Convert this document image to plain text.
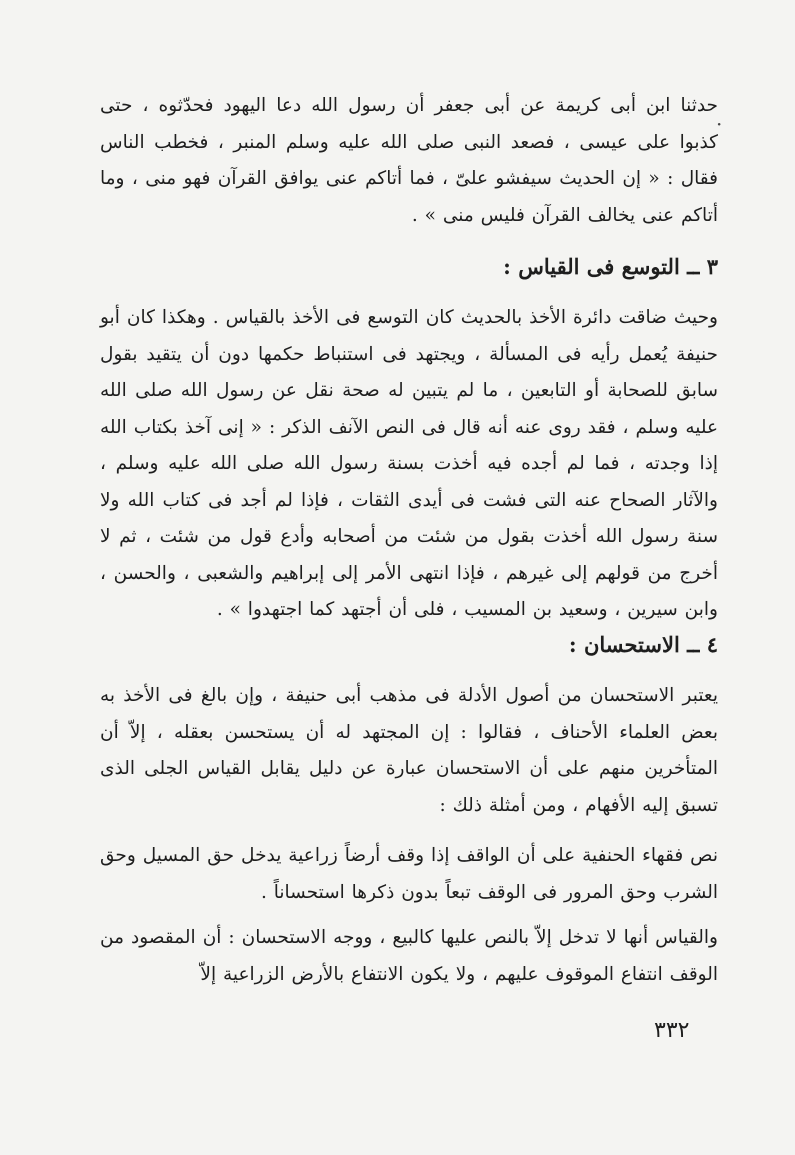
·

حدثنا ابن أبى كريمة عن أبى جعفر أن رسول الله دعا اليهود فحدّثوه ، حتى كذبوا على عيسى ، فصعد النبى صلى الله عليه وسلم المنبر ، فخطب الناس فقال : « إن الحديث سيفشو علىّ ، فما أتاكم عنى يوافق القرآن فهو منى ، وما أتاكم عنى يخالف القرآن فليس منى » .

٣ ــ التوسع فى القياس :

وحيث ضاقت دائرة الأخذ بالحديث كان التوسع فى الأخذ بالقياس . وهكذا كان أبو حنيفة يُعمل رأيه فى المسألة ، ويجتهد فى استنباط حكمها دون أن يتقيد بقول سابق للصحابة أو التابعين ، ما لم يتبين له صحة نقل عن رسول الله صلى الله عليه وسلم ، فقد روى عنه أنه قال فى النص الآنف الذكر : « إنى آخذ بكتاب الله إذا وجدته ، فما لم أجده فيه أخذت بسنة رسول الله صلى الله عليه وسلم ، والآثار الصحاح عنه التى فشت فى أيدى الثقات ، فإذا لم أجد فى كتاب الله ولا سنة رسول الله أخذت بقول من شئت من أصحابه وأدع قول من شئت ، ثم لا أخرج من قولهم إلى غيرهم ، فإذا انتهى الأمر إلى إبراهيم والشعبى ، والحسن ، وابن سيرين ، وسعيد بن المسيب ، فلى أن أجتهد كما اجتهدوا » .

٤ ــ الاستحسان :

يعتبر الاستحسان من أصول الأدلة فى مذهب أبى حنيفة ، وإن بالغ فى الأخذ به بعض العلماء الأحناف ، فقالوا : إن المجتهد له أن يستحسن بعقله ، إلاّ أن المتأخرين منهم على أن الاستحسان عبارة عن دليل يقابل القياس الجلى الذى تسبق إليه الأفهام ، ومن أمثلة ذلك :

نص فقهاء الحنفية على أن الواقف إذا وقف أرضاً زراعية يدخل حق المسيل وحق الشرب وحق المرور فى الوقف تبعاً بدون ذكرها استحساناً .

والقياس أنها لا تدخل إلاّ بالنص عليها كالبيع ، ووجه الاستحسان : أن المقصود من الوقف انتفاع الموقوف عليهم ، ولا يكون الانتفاع بالأرض الزراعية إلاّ

٣٣٢
